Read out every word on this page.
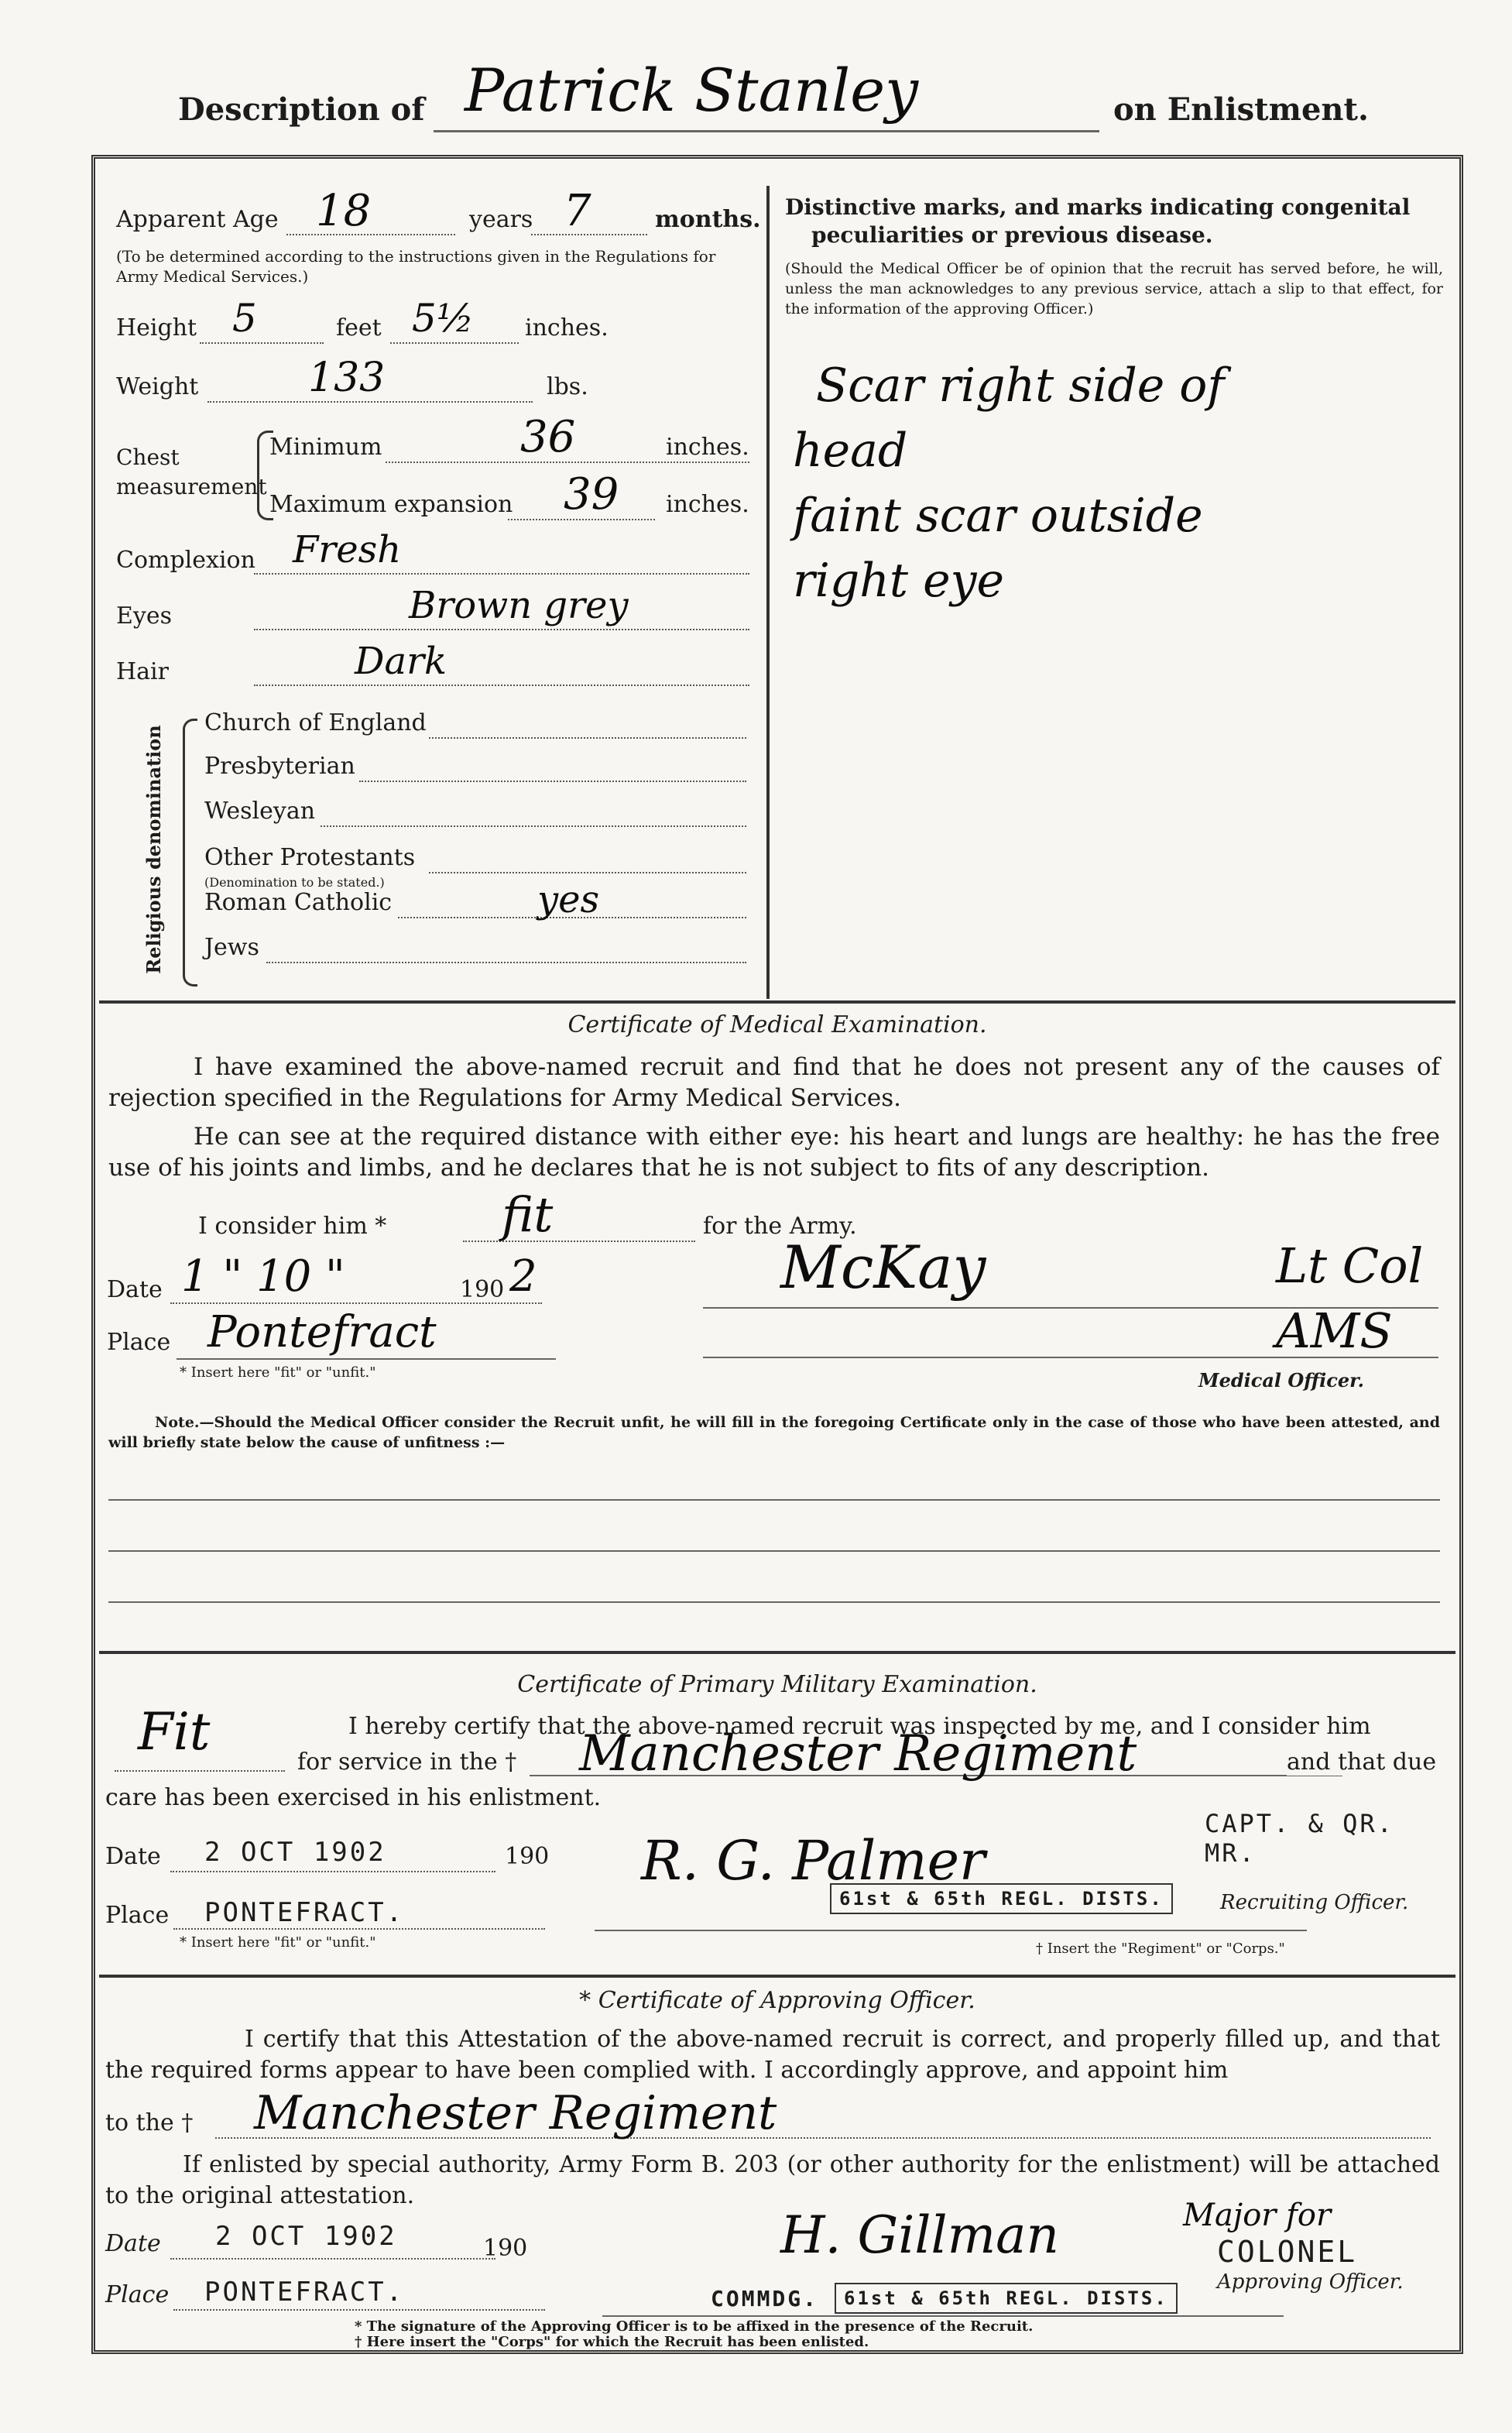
Description of Patrick Stanley	on Enlistment.
Apparent Age 18	years 7	months.
(To be determined according to the instructions given in the Regulations for Army Medical Services.)
Height 5	feet 5½ inches.
Weight	133	lbs.
Chest measurement
Minimum	36	inches.
Maximum expansion 39 inches.
Complexion Fresh
Eyes	Brown grey
Hair	Dark
Religious denomination
Church of England
Presbyterian
Wesleyan
Other Protestants
(Denomination to be stated.)
Roman Catholic	yes
Jews
Distinctive marks, and marks indicating congenital peculiarities or previous disease.
(Should the Medical Officer be of opinion that the recruit has served before, he will, unless the man acknowledges to any previous service, attach a slip to that effect, for the information of the approving Officer.)
Scar right side of
head
faint scar outside
right eye
Certificate of Medical Examination.
I have examined the above-named recruit and find that he does not present any of the causes of rejection specified in the Regulations for Army Medical Services.
He can see at the required distance with either eye: his heart and lungs are healthy: he has the free use of his joints and limbs, and he declares that he is not subject to fits of any description.
I consider him * fit	for the Army.
Date 1 " 10 "	190 2
Place Pontefract
* Insert here "fit" or "unfit."
McKay	Lt Col
AMS
Medical Officer.
Note.—Should the Medical Officer consider the Recruit unfit, he will fill in the foregoing Certificate only in the case of those who have been attested, and will briefly state below the cause of unfitness :—
Certificate of Primary Military Examination.
Fit	I hereby certify that the above-named recruit was inspected by me, and I consider him
for service in the † Manchester Regiment	and that due
care has been exercised in his enlistment.
CAPT. & QR. MR.
Date 2 OCT 1902	190
Place PONTEFRACT.
* Insert here "fit" or "unfit."
R. G. Palmer
61st & 65th REGL. DISTS.	Recruiting Officer.
† Insert the "Regiment" or "Corps."
* Certificate of Approving Officer.
I certify that this Attestation of the above-named recruit is correct, and properly filled up, and that the required forms appear to have been complied with. I accordingly approve, and appoint him
to the † Manchester Regiment
If enlisted by special authority, Army Form B. 203 (or other authority for the enlistment) will be attached to the original attestation.
Date 2 OCT 1902	190
Place PONTEFRACT.
H. Gillman	Major for
COLONEL
COMMDG.	61st & 65th REGL. DISTS.
Approving Officer.
* The signature of the Approving Officer is to be affixed in the presence of the Recruit.
† Here insert the "Corps" for which the Recruit has been enlisted.
